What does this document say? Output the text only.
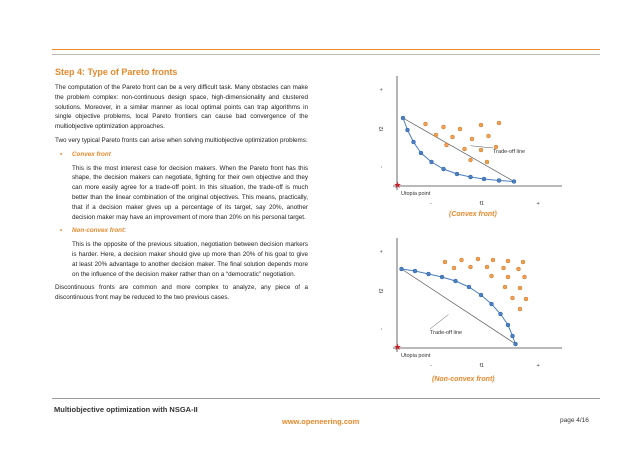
Step 4: Type of Pareto fronts

The computation of the Pareto front can be a very difficult task. Many obstacles can make the problem complex: non-continuous design space, high-dimensionality and clustered solutions. Moreover, in a similar manner as local optimal points can trap algorithms in single objective problems, local Pareto frontiers can cause bad convergence of the multiobjective optimization approaches.

Two very typical Pareto fronts can arise when solving multiobjective optimization problems:

• Convex front

This is the most interest case for decision makers. When the Pareto front has this shape, the decision makers can negotiate, fighting for their own objective and they can more easily agree for a trade-off point. In this situation, the trade-off is much better than the linear combination of the original objectives. This means, practically, that if a decision maker gives up a percentage of its target, say 20%, another decision maker may have an improvement of more than 20% on his personal target.

• Non-convex front:

This is the opposite of the previous situation, negotiation between decision markers is harder. Here, a decision maker should give up more than 20% of his goal to give at least 20% advantage to another decision maker. The final solution depends more on the influence of the decision maker rather than on a “democratic” negotiation.

Discontinuous fronts are common and more complex to analyze, any piece of a discontinuous front may be reduced to the two previous cases.

★
Trade-off line
Utopia point
f2
f1
-	+
+
-
(Convex front)
★
Trade-off line
Utopia point
f2
f1
-	+
+
-
(Non-convex front)
Multiobjective optimization with NSGA-II
www.openeering.com	page 4/16
